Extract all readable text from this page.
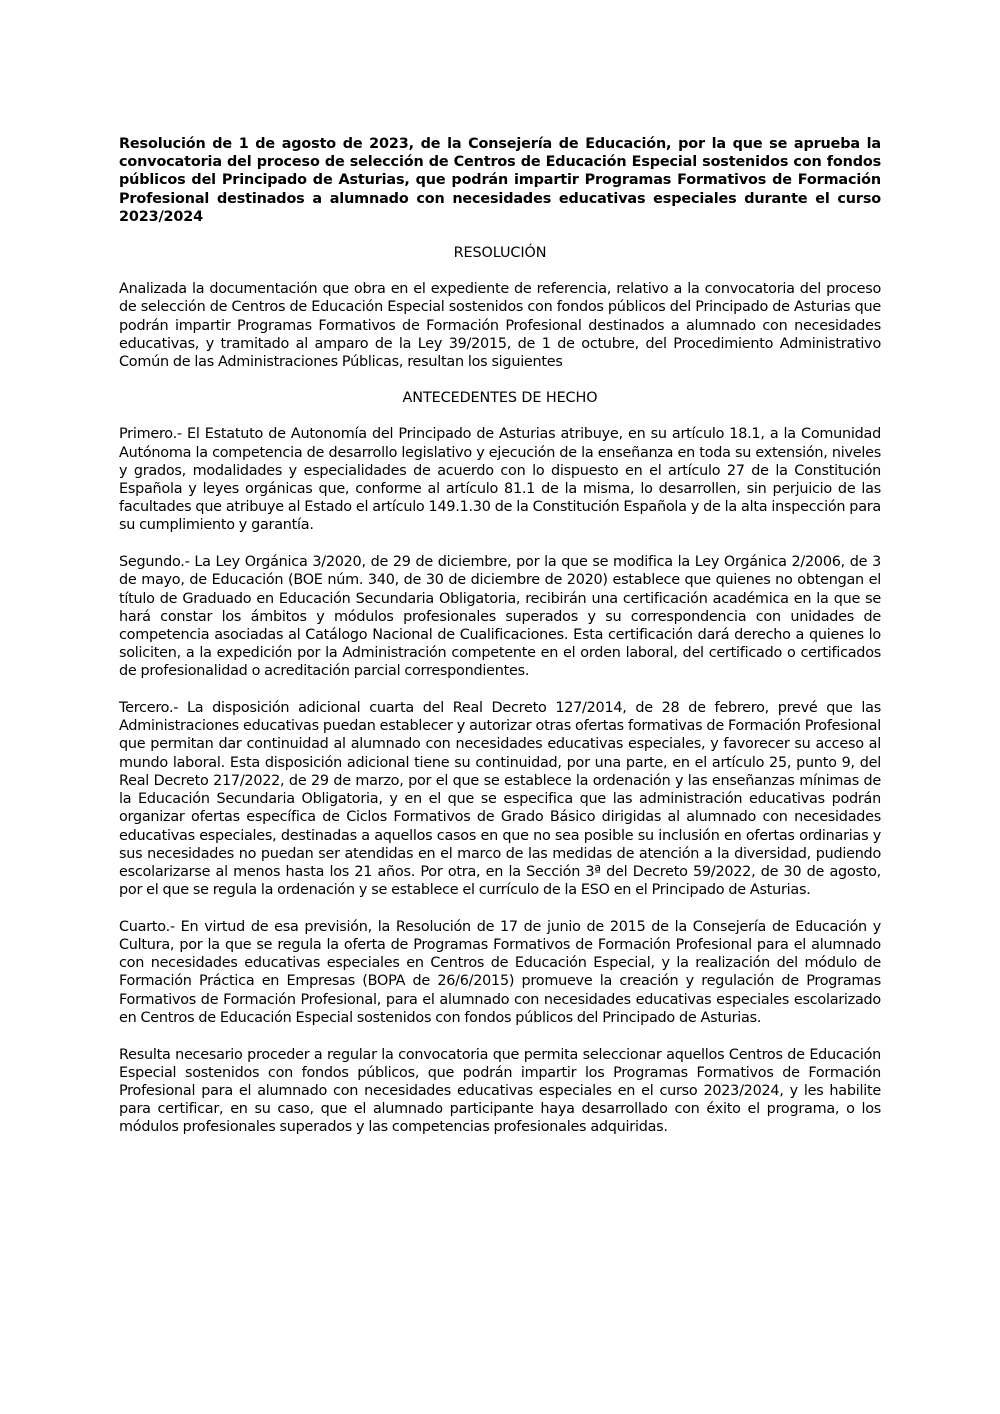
Resolución de 1 de agosto de 2023, de la Consejería de Educación, por la que se aprueba la convocatoria del proceso de selección de Centros de Educación Especial sostenidos con fondos públicos del Principado de Asturias, que podrán impartir Programas Formativos de Formación Profesional destinados a alumnado con necesidades educativas especiales durante el curso 2023/2024

RESOLUCIÓN

Analizada la documentación que obra en el expediente de referencia, relativo a la convocatoria del proceso de selección de Centros de Educación Especial sostenidos con fondos públicos del Principado de Asturias que podrán impartir Programas Formativos de Formación Profesional destinados a alumnado con necesidades educativas, y tramitado al amparo de la Ley 39/2015, de 1 de octubre, del Procedimiento Administrativo Común de las Administraciones Públicas, resultan los siguientes

ANTECEDENTES DE HECHO

Primero.- El Estatuto de Autonomía del Principado de Asturias atribuye, en su artículo 18.1, a la Comunidad Autónoma la competencia de desarrollo legislativo y ejecución de la enseñanza en toda su extensión, niveles y grados, modalidades y especialidades de acuerdo con lo dispuesto en el artículo 27 de la Constitución Española y leyes orgánicas que, conforme al artículo 81.1 de la misma, lo desarrollen, sin perjuicio de las facultades que atribuye al Estado el artículo 149.1.30 de la Constitución Española y de la alta inspección para su cumplimiento y garantía.

Segundo.- La Ley Orgánica 3/2020, de 29 de diciembre, por la que se modifica la Ley Orgánica 2/2006, de 3 de mayo, de Educación (BOE núm. 340, de 30 de diciembre de 2020) establece que quienes no obtengan el título de Graduado en Educación Secundaria Obligatoria, recibirán una certificación académica en la que se hará constar los ámbitos y módulos profesionales superados y su correspondencia con unidades de competencia asociadas al Catálogo Nacional de Cualificaciones. Esta certificación dará derecho a quienes lo soliciten, a la expedición por la Administración competente en el orden laboral, del certificado o certificados de profesionalidad o acreditación parcial correspondientes.

Tercero.- La disposición adicional cuarta del Real Decreto 127/2014, de 28 de febrero, prevé que las Administraciones educativas puedan establecer y autorizar otras ofertas formativas de Formación Profesional que permitan dar continuidad al alumnado con necesidades educativas especiales, y favorecer su acceso al mundo laboral. Esta disposición adicional tiene su continuidad, por una parte, en el artículo 25, punto 9, del Real Decreto 217/2022, de 29 de marzo, por el que se establece la ordenación y las enseñanzas mínimas de la Educación Secundaria Obligatoria, y en el que se especifica que las administración educativas podrán organizar ofertas específica de Ciclos Formativos de Grado Básico dirigidas al alumnado con necesidades educativas especiales, destinadas a aquellos casos en que no sea posible su inclusión en ofertas ordinarias y sus necesidades no puedan ser atendidas en el marco de las medidas de atención a la diversidad, pudiendo escolarizarse al menos hasta los 21 años. Por otra, en la Sección 3ª del Decreto 59/2022, de 30 de agosto, por el que se regula la ordenación y se establece el currículo de la ESO en el Principado de Asturias.

Cuarto.- En virtud de esa previsión, la Resolución de 17 de junio de 2015 de la Consejería de Educación y Cultura, por la que se regula la oferta de Programas Formativos de Formación Profesional para el alumnado con necesidades educativas especiales en Centros de Educación Especial, y la realización del módulo de Formación Práctica en Empresas (BOPA de 26/6/2015) promueve la creación y regulación de Programas Formativos de Formación Profesional, para el alumnado con necesidades educativas especiales escolarizado en Centros de Educación Especial sostenidos con fondos públicos del Principado de Asturias.

Resulta necesario proceder a regular la convocatoria que permita seleccionar aquellos Centros de Educación Especial sostenidos con fondos públicos, que podrán impartir los Programas Formativos de Formación Profesional para el alumnado con necesidades educativas especiales en el curso 2023/2024, y les habilite para certificar, en su caso, que el alumnado participante haya desarrollado con éxito el programa, o los módulos profesionales superados y las competencias profesionales adquiridas.
